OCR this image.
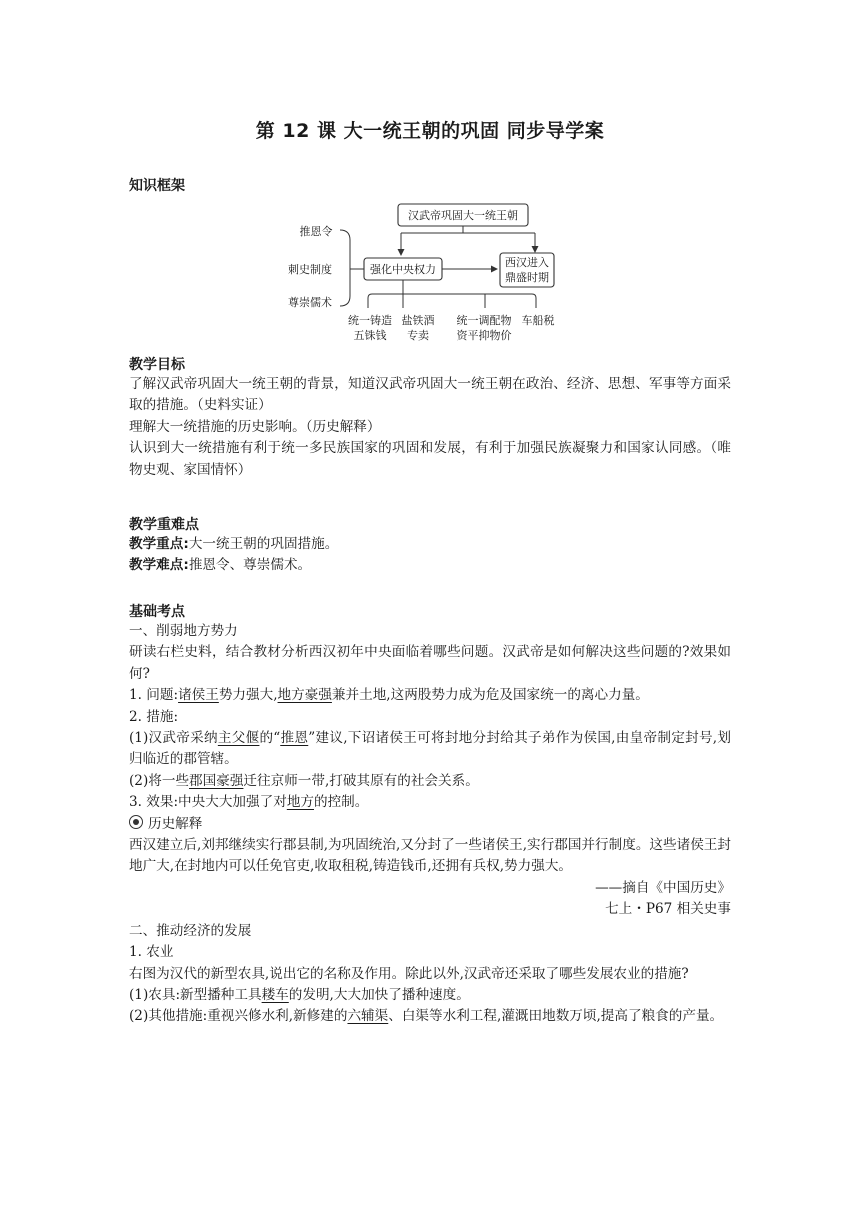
第 12 课 大一统王朝的巩固 同步导学案
知识框架
汉武帝巩固大一统王朝
强化中央权力
西汉进入
鼎盛时期
推恩令
刺史制度
尊崇儒术
统一铸造
五铢钱
盐铁酒
专卖
统一调配物
资平抑物价
车船税
教学目标

了解汉武帝巩固大一统王朝的背景，知道汉武帝巩固大一统王朝在政治、经济、思想、军事等方面采取的措施。（史料实证）

理解大一统措施的历史影响。（历史解释）

认识到大一统措施有利于统一多民族国家的巩固和发展，有利于加强民族凝聚力和国家认同感。（唯物史观、家国情怀）

教学重难点

教学重点:大一统王朝的巩固措施。

教学难点:推恩令、尊崇儒术。

基础考点

一、削弱地方势力

研读右栏史料，结合教材分析西汉初年中央面临着哪些问题。汉武帝是如何解决这些问题的?效果如何?

1. 问题:诸侯王势力强大,地方豪强兼并土地,这两股势力成为危及国家统一的离心力量。

2. 措施:

(1)汉武帝采纳主父偃的“推恩”建议,下诏诸侯王可将封地分封给其子弟作为侯国,由皇帝制定封号,划归临近的郡管辖。

(2)将一些郡国豪强迁往京师一带,打破其原有的社会关系。

3. 效果:中央大大加强了对地方的控制。

历史解释

西汉建立后,刘邦继续实行郡县制,为巩固统治,又分封了一些诸侯王,实行郡国并行制度。这些诸侯王封地广大,在封地内可以任免官吏,收取租税,铸造钱币,还拥有兵权,势力强大。

——摘自《中国历史》

七上・P67 相关史事

二、推动经济的发展

1. 农业

右图为汉代的新型农具,说出它的名称及作用。除此以外,汉武帝还采取了哪些发展农业的措施?

(1)农具:新型播种工具耧车的发明,大大加快了播种速度。

(2)其他措施:重视兴修水利,新修建的六辅渠、白渠等水利工程,灌溉田地数万顷,提高了粮食的产量。
